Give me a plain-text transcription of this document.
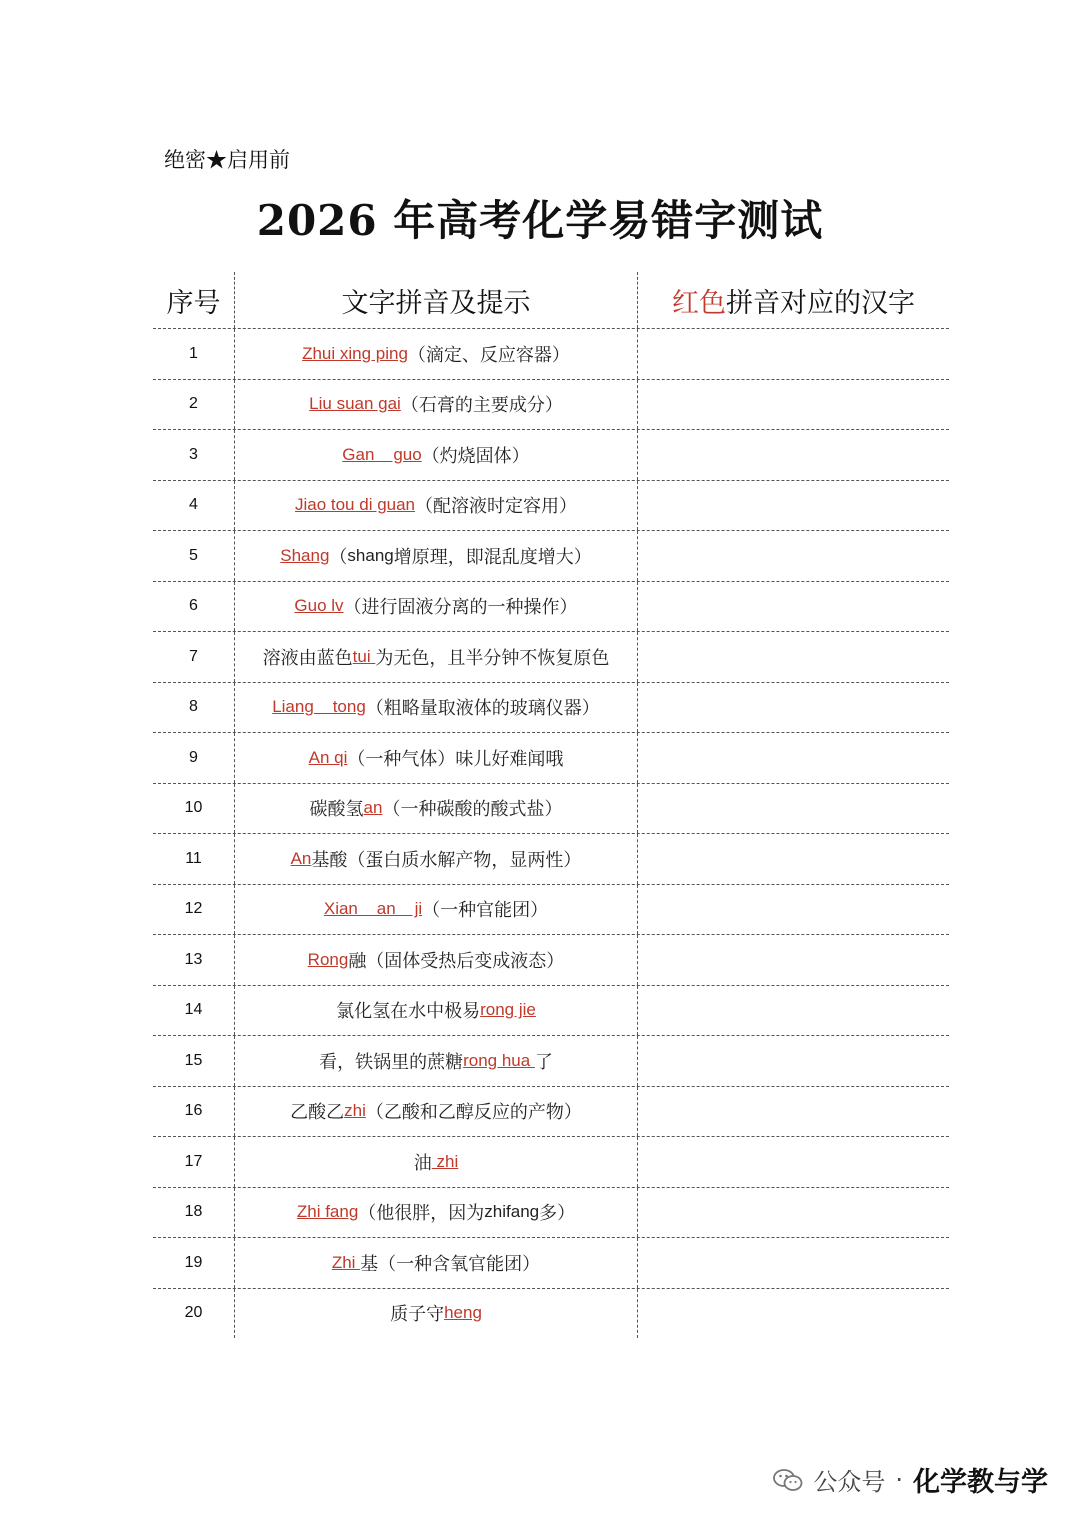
绝密★启用前
2026 年高考化学易错字测试
序号	文字拼音及提示	红色 拼音对应的汉字
1	Zhui xing ping （滴定、反应容器）
2	Liu suan gai （石膏的主要成分）
3	Gan    guo （灼烧固体）
4	Jiao tou di guan （配溶液时定容用）
5	Shang （ shang 增原理，即混乱度增大）
6	Guo lv （进行固液分离的一种操作）
7	溶液由蓝色 tui 为无色，且半分钟不恢复原色
8	Liang    tong （粗略量取液体的玻璃仪器）
9	An qi （一种气体）味儿好难闻哦
10	碳酸氢 an （一种碳酸的酸式盐）
11	An 基酸（蛋白质水解产物，显两性）
12	Xian    an    ji （一种官能团）
13	Rong 融（固体受热后变成液态）
14	氯化氢在水中极易 rong jie
15	看，铁锅里的蔗糖 rong hua 了
16	乙酸乙 zhi （乙酸和乙醇反应的产物）
17	油 zhi
18	Zhi fang （他很胖，因为 zhifang 多）
19	Zhi 基（一种含氧官能团）
20	质子守 heng
公众号 · 化学教与学
